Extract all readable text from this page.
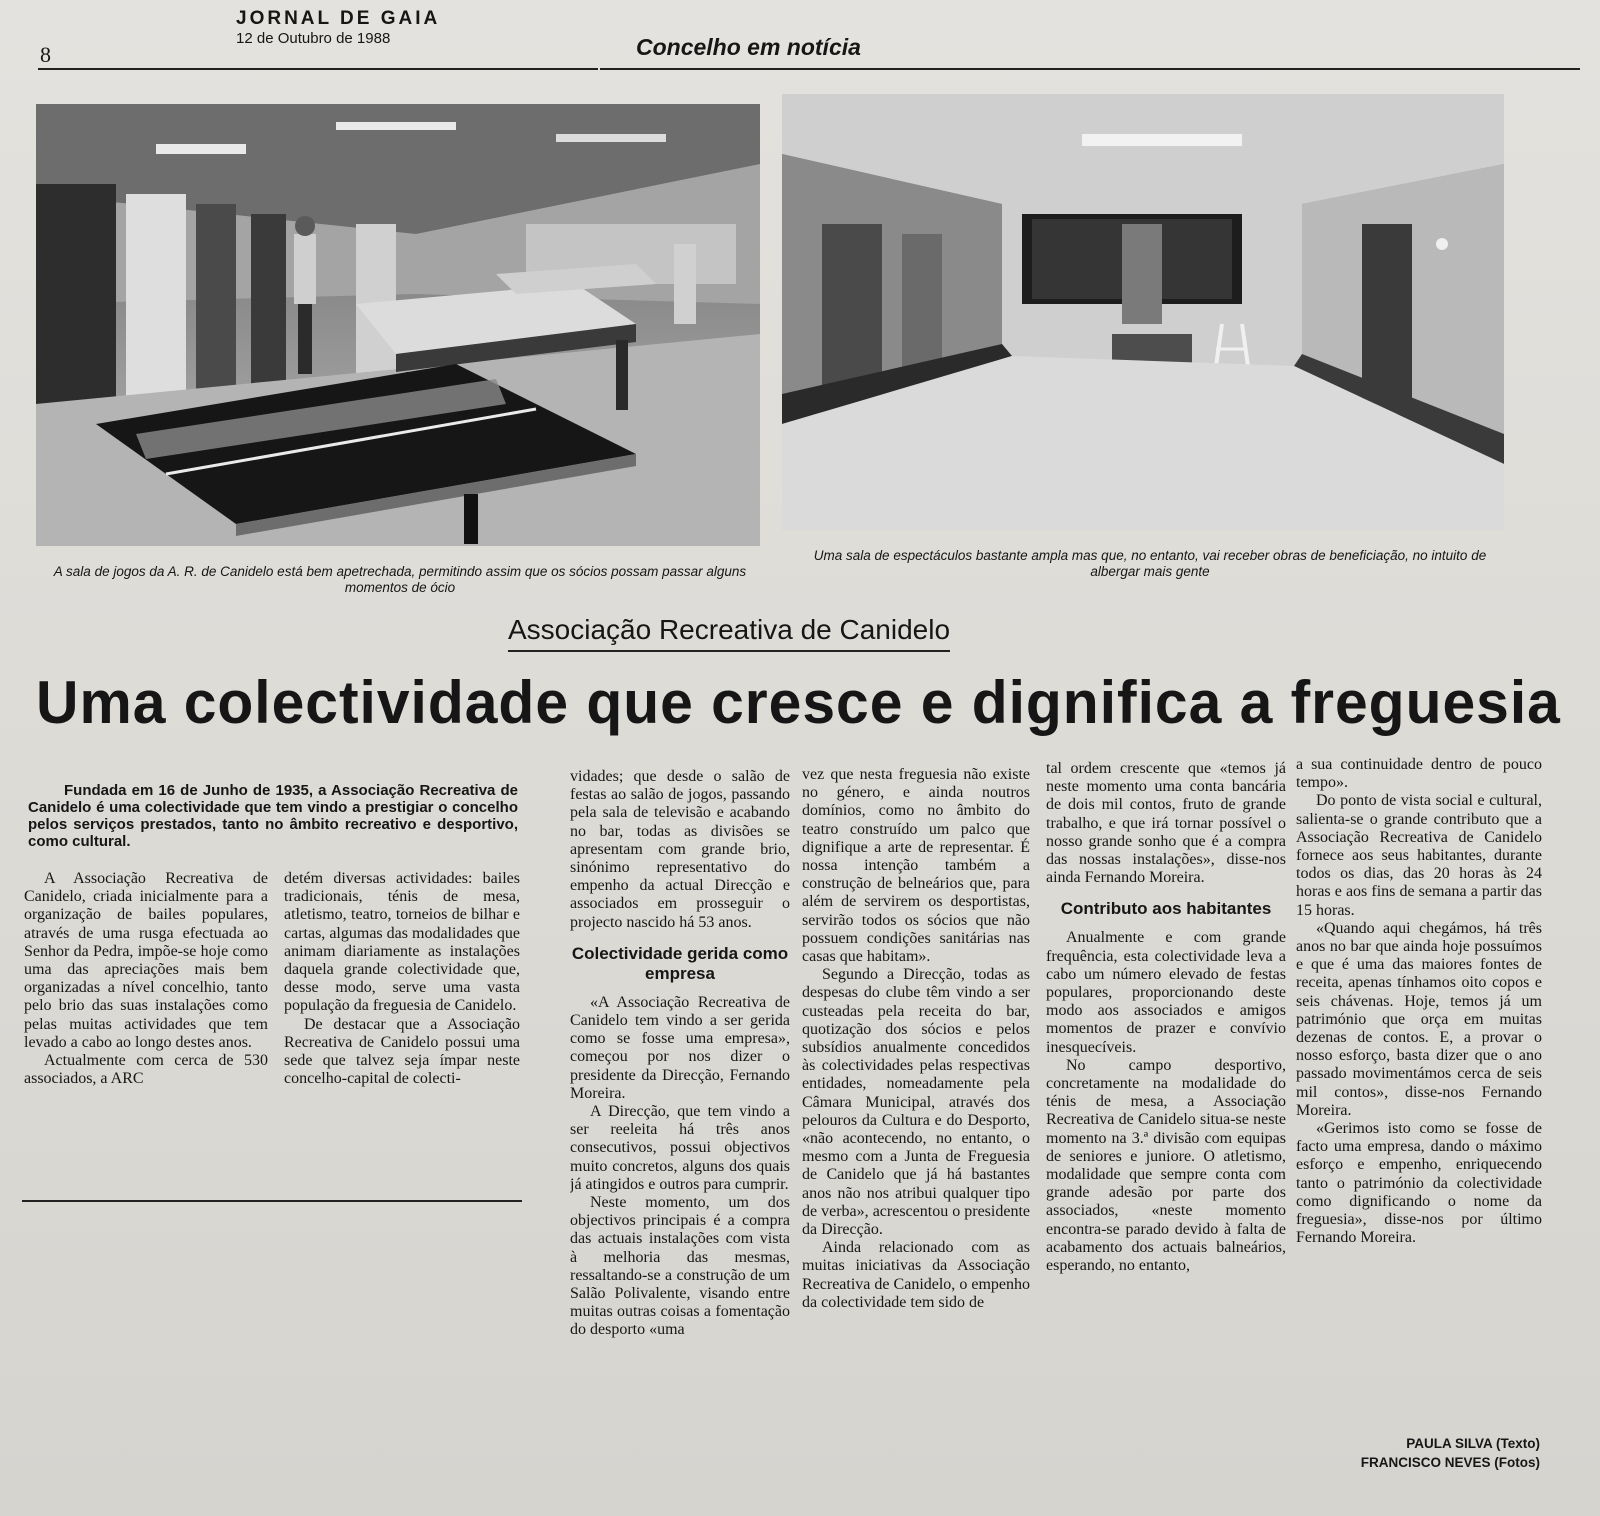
8
JORNAL DE GAIA
12 de Outubro de 1988	Concelho em notícia
A sala de jogos da A. R. de Canidelo está bem apetrechada, permitindo assim que os sócios possam passar alguns momentos de ócio
Uma sala de espectáculos bastante ampla mas que, no entanto, vai receber obras de beneficiação, no intuito de albergar mais gente
Associação Recreativa de Canidelo
Uma colectividade que cresce e dignifica a freguesia
Fundada em 16 de Junho de 1935, a Associação Recreativa de Canidelo é uma colectividade que tem vindo a prestigiar o concelho pelos serviços prestados, tanto no âmbito recreativo e desportivo, como cultural.

A Associação Recreativa de Canidelo, criada inicialmente para a organização de bailes populares, através de uma rusga efectuada ao Senhor da Pedra, impõe-se hoje como uma das apreciações mais bem organizadas a nível concelhio, tanto pelo brio das suas instalações como pelas muitas actividades que tem levado a cabo ao longo destes anos.

Actualmente com cerca de 530 associados, a ARC

detém diversas actividades: bailes tradicionais, ténis de mesa, atletismo, teatro, torneios de bilhar e cartas, algumas das modalidades que animam diariamente as instalações daquela grande colectividade que, desse modo, serve uma vasta população da freguesia de Canidelo.

De destacar que a Associação Recreativa de Canidelo possui uma sede que talvez seja ímpar neste concelho-capital de colecti-

vidades; que desde o salão de festas ao salão de jogos, passando pela sala de televisão e acabando no bar, todas as divisões se apresentam com grande brio, sinónimo representativo do empenho da actual Direcção e associados em prosseguir o projecto nascido há 53 anos.

Colectividade gerida como empresa

«A Associação Recreativa de Canidelo tem vindo a ser gerida como se fosse uma empresa», começou por nos dizer o presidente da Direcção, Fernando Moreira.

A Direcção, que tem vindo a ser reeleita há três anos consecutivos, possui objectivos muito concretos, alguns dos quais já atingidos e outros para cumprir.

Neste momento, um dos objectivos principais é a compra das actuais instalações com vista à melhoria das mesmas, ressaltando-se a construção de um Salão Polivalente, visando entre muitas outras coisas a fomentação do desporto «uma

vez que nesta freguesia não existe no género, e ainda noutros domínios, como no âmbito do teatro construído um palco que dignifique a arte de representar. É nossa intenção também a construção de belneários que, para além de servirem os desportistas, servirão todos os sócios que não possuem condições sanitárias nas casas que habitam».

Segundo a Direcção, todas as despesas do clube têm vindo a ser custeadas pela receita do bar, quotização dos sócios e pelos subsídios anualmente concedidos às colectividades pelas respectivas entidades, nomeadamente pela Câmara Municipal, através dos pelouros da Cultura e do Desporto, «não acontecendo, no entanto, o mesmo com a Junta de Freguesia de Canidelo que já há bastantes anos não nos atribui qualquer tipo de verba», acrescentou o presidente da Direcção.

Ainda relacionado com as muitas iniciativas da Associação Recreativa de Canidelo, o empenho da colectividade tem sido de

tal ordem crescente que «temos já neste momento uma conta bancária de dois mil contos, fruto de grande trabalho, e que irá tornar possível o nosso grande sonho que é a compra das nossas instalações», disse-nos ainda Fernando Moreira.

Contributo aos habitantes

Anualmente e com grande frequência, esta colectividade leva a cabo um número elevado de festas populares, proporcionando deste modo aos associados e amigos momentos de prazer e convívio inesquecíveis.

No campo desportivo, concretamente na modalidade do ténis de mesa, a Associação Recreativa de Canidelo situa-se neste momento na 3.ª divisão com equipas de seniores e juniore. O atletismo, modalidade que sempre conta com grande adesão por parte dos associados, «neste momento encontra-se parado devido à falta de acabamento dos actuais balneários, esperando, no entanto,

a sua continuidade dentro de pouco tempo».

Do ponto de vista social e cultural, salienta-se o grande contributo que a Associação Recreativa de Canidelo fornece aos seus habitantes, durante todos os dias, das 20 horas às 24 horas e aos fins de semana a partir das 15 horas.

«Quando aqui chegámos, há três anos no bar que ainda hoje possuímos e que é uma das maiores fontes de receita, apenas tínhamos oito copos e seis chávenas. Hoje, temos já um património que orça em muitas dezenas de contos. E, a provar o nosso esforço, basta dizer que o ano passado movimentámos cerca de seis mil contos», disse-nos Fernando Moreira.

«Gerimos isto como se fosse de facto uma empresa, dando o máximo esforço e empenho, enriquecendo tanto o património da colectividade como dignificando o nome da freguesia», disse-nos por último Fernando Moreira.

PAULA SILVA (Texto)
FRANCISCO NEVES (Fotos)
